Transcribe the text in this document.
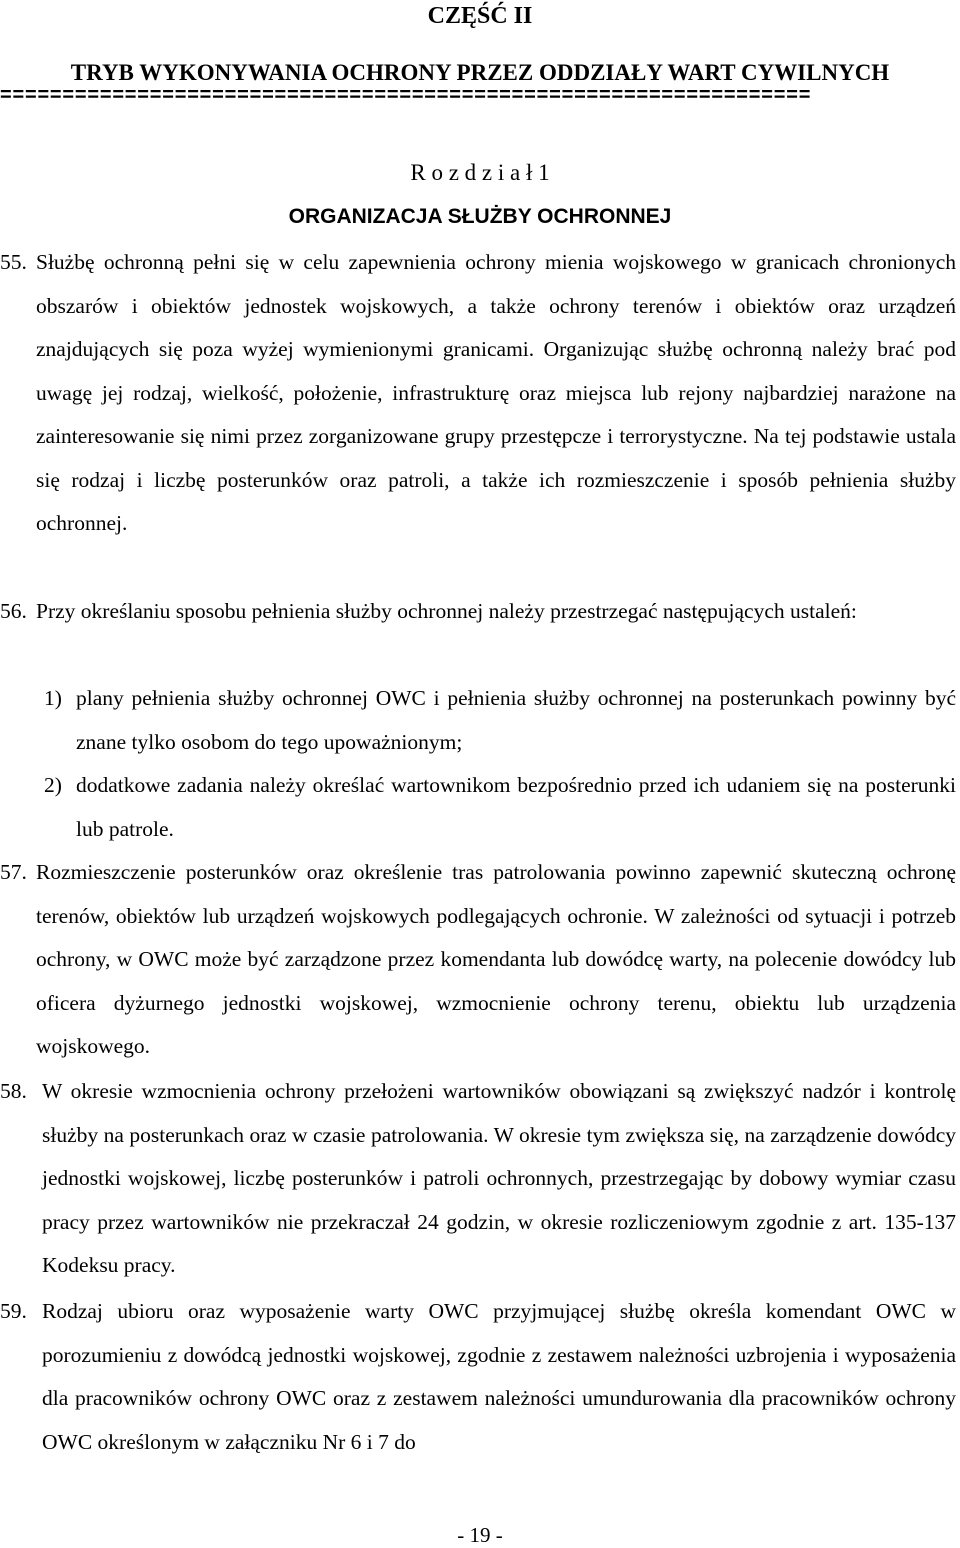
CZĘŚĆ II
TRYB WYKONYWANIA OCHRONY PRZEZ ODDZIAŁY WART CYWILNYCH
=================================================================
R o z d z i a ł 1
ORGANIZACJA SŁUŻBY OCHRONNEJ
55. Służbę ochronną pełni się w celu zapewnienia ochrony mienia wojskowego w granicach chronionych obszarów i obiektów jednostek wojskowych, a także ochrony terenów i obiektów oraz urządzeń znajdujących się poza wyżej wymienionymi granicami. Organizując służbę ochronną należy brać pod uwagę jej rodzaj, wielkość, położenie, infrastrukturę oraz miejsca lub rejony najbardziej narażone na zainteresowanie się nimi przez zorganizowane grupy przestępcze i terrorystyczne. Na tej podstawie ustala się rodzaj i liczbę posterunków oraz patroli, a także ich rozmieszczenie i sposób pełnienia służby ochronnej.
56. Przy określaniu sposobu pełnienia służby ochronnej należy przestrzegać następujących ustaleń:
1) plany pełnienia służby ochronnej OWC i pełnienia służby ochronnej na posterunkach powinny być znane tylko osobom do tego upoważnionym;
2) dodatkowe zadania należy określać wartownikom bezpośrednio przed ich udaniem się na posterunki lub patrole.
57. Rozmieszczenie posterunków oraz określenie tras patrolowania powinno zapewnić skuteczną ochronę terenów, obiektów lub urządzeń wojskowych podlegających ochronie. W zależności od sytuacji i potrzeb ochrony, w OWC może być zarządzone przez komendanta lub dowódcę warty, na polecenie dowódcy lub oficera dyżurnego jednostki wojskowej, wzmocnienie ochrony terenu, obiektu lub urządzenia wojskowego.
58. W okresie wzmocnienia ochrony przełożeni wartowników obowiązani są zwiększyć nadzór i kontrolę służby na posterunkach oraz w czasie patrolowania. W okresie tym zwiększa się, na zarządzenie dowódcy jednostki wojskowej, liczbę posterunków i patroli ochronnych, przestrzegając by dobowy wymiar czasu pracy przez wartowników nie przekraczał 24 godzin, w okresie rozliczeniowym zgodnie z art. 135-137 Kodeksu pracy.
59. Rodzaj ubioru oraz wyposażenie warty OWC przyjmującej służbę określa komendant OWC w porozumieniu z dowódcą jednostki wojskowej, zgodnie z zestawem należności uzbrojenia i wyposażenia dla pracowników ochrony OWC oraz z zestawem należności umundurowania dla pracowników ochrony OWC określonym w załączniku Nr 6 i 7 do
- 19 -
